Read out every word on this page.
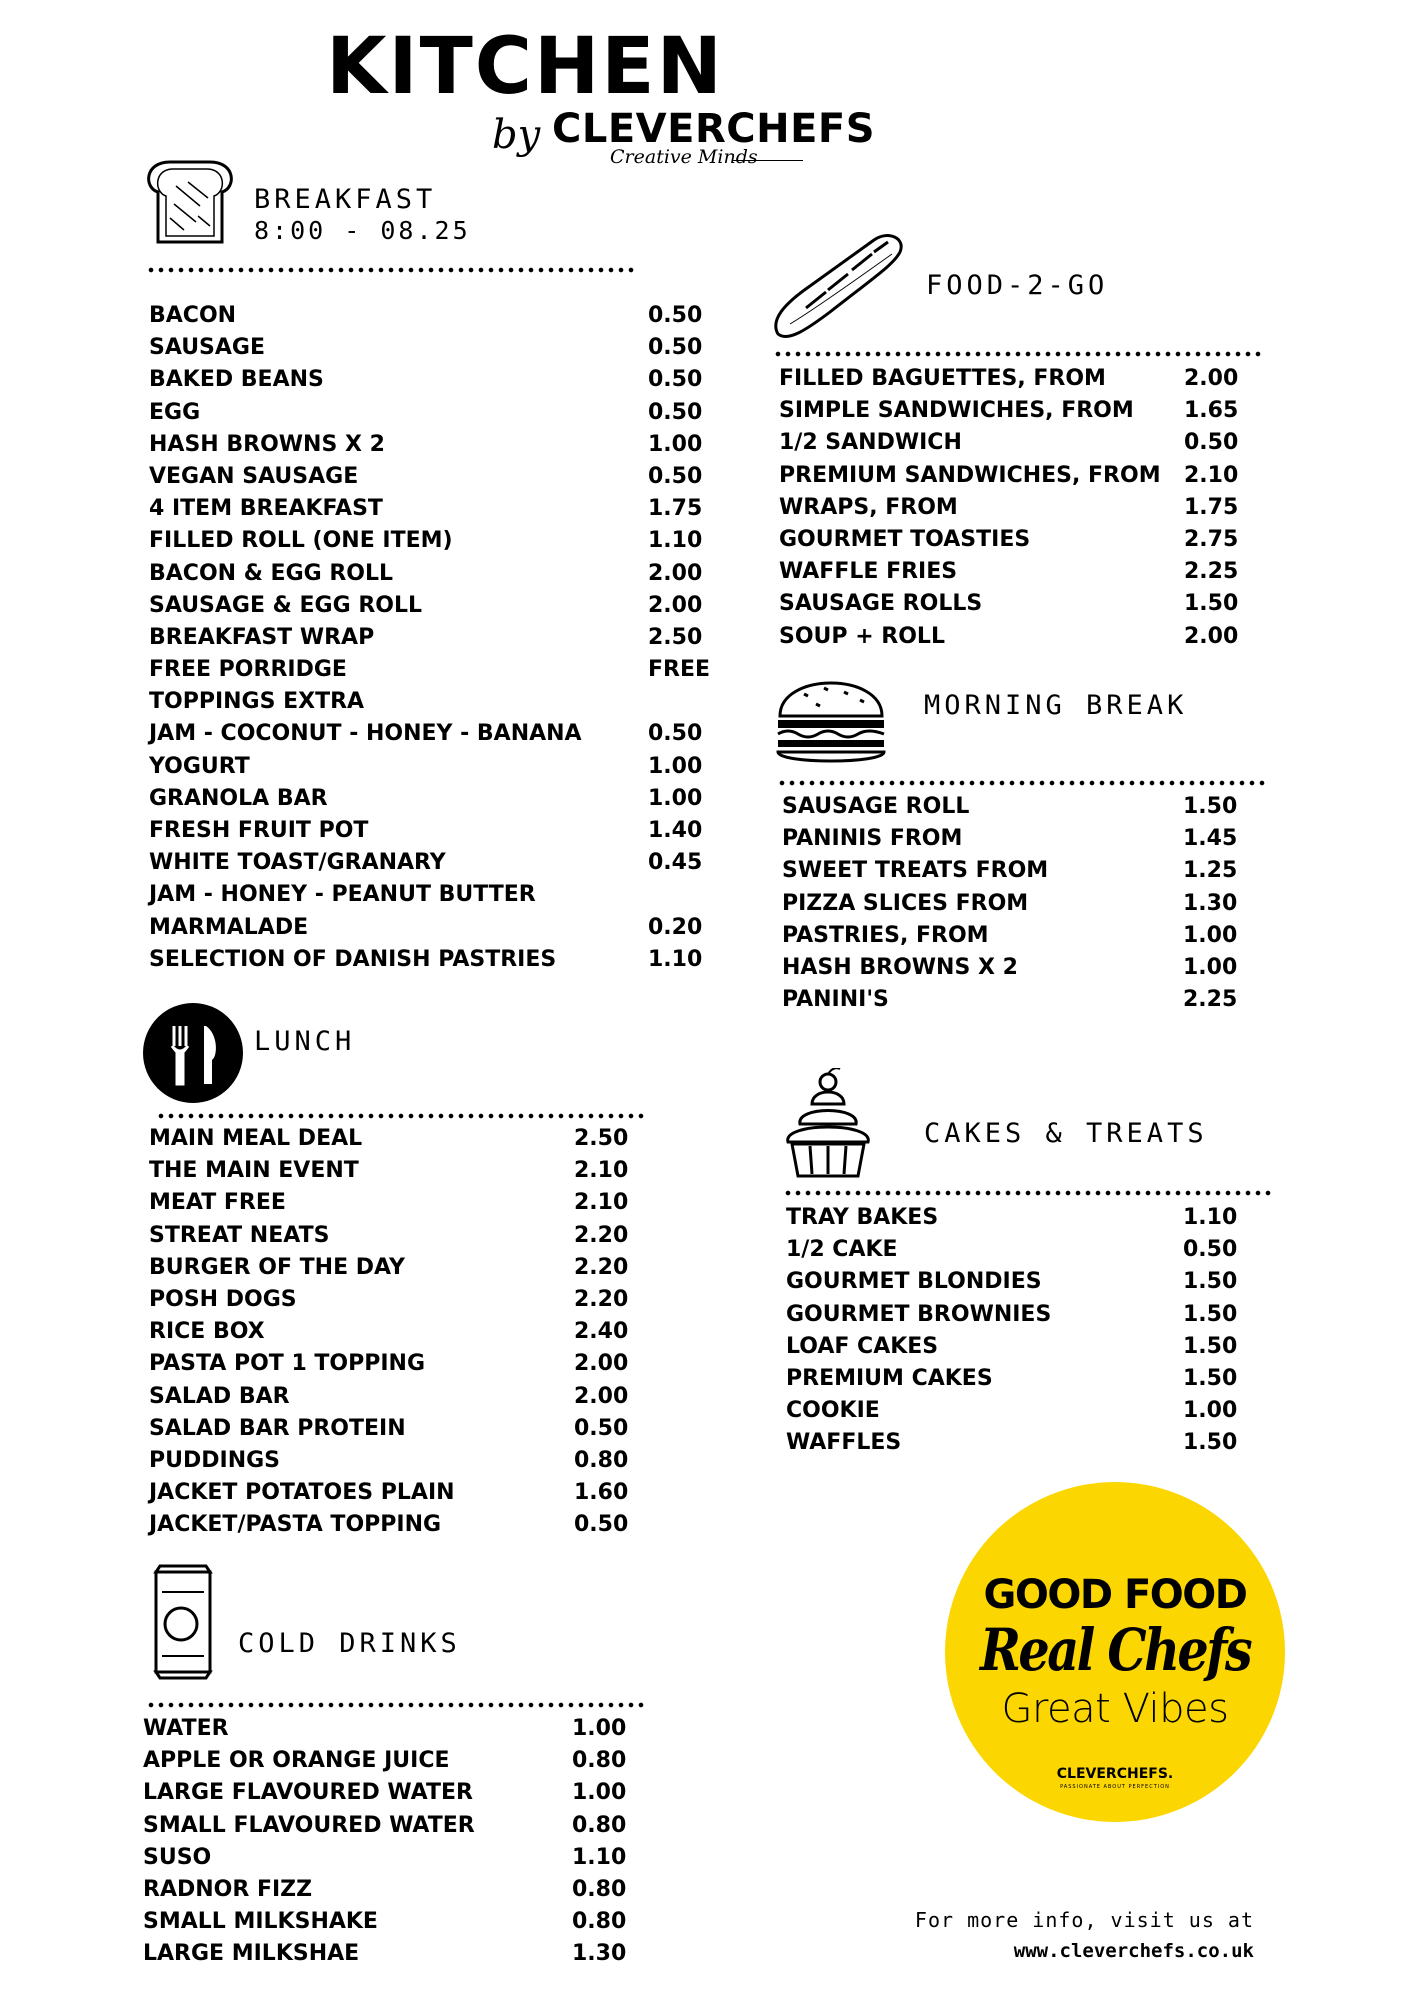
KITCHEN
by CLEVERCHEFS
Creative Minds
BREAKFAST
8:00 - 08.25
BACON	0.50
SAUSAGE	0.50
BAKED BEANS	0.50
EGG	0.50
HASH BROWNS X 2	1.00
VEGAN SAUSAGE	0.50
4 ITEM BREAKFAST	1.75
FILLED ROLL (ONE ITEM)	1.10
BACON & EGG ROLL	2.00
SAUSAGE & EGG ROLL	2.00
BREAKFAST WRAP	2.50
FREE PORRIDGE	FREE
TOPPINGS EXTRA
JAM - COCONUT - HONEY - BANANA	0.50
YOGURT	1.00
GRANOLA BAR	1.00
FRESH FRUIT POT	1.40
WHITE TOAST/GRANARY	0.45
JAM - HONEY - PEANUT BUTTER
MARMALADE	0.20
SELECTION OF DANISH PASTRIES	1.10
LUNCH
MAIN MEAL DEAL	2.50
THE MAIN EVENT	2.10
MEAT FREE	2.10
STREAT NEATS	2.20
BURGER OF THE DAY	2.20
POSH DOGS	2.20
RICE BOX	2.40
PASTA POT 1 TOPPING	2.00
SALAD BAR	2.00
SALAD BAR PROTEIN	0.50
PUDDINGS	0.80
JACKET POTATOES PLAIN	1.60
JACKET/PASTA TOPPING	0.50
COLD DRINKS
WATER	1.00
APPLE OR ORANGE JUICE	0.80
LARGE FLAVOURED WATER	1.00
SMALL FLAVOURED WATER	0.80
SUSO	1.10
RADNOR FIZZ	0.80
SMALL MILKSHAKE	0.80
LARGE MILKSHAE	1.30
FOOD-2-GO
FILLED BAGUETTES, FROM	2.00
SIMPLE SANDWICHES, FROM 1.65
1/2 SANDWICH	0.50
PREMIUM SANDWICHES, FROM 2.10
WRAPS, FROM	1.75
GOURMET TOASTIES	2.75
WAFFLE FRIES	2.25
SAUSAGE ROLLS	1.50
SOUP + ROLL	2.00
MORNING BREAK
SAUSAGE ROLL	1.50
PANINIS FROM	1.45
SWEET TREATS FROM	1.25
PIZZA SLICES FROM	1.30
PASTRIES, FROM	1.00
HASH BROWNS X 2	1.00
PANINI'S	2.25
CAKES & TREATS
TRAY BAKES	1.10
1/2 CAKE	0.50
GOURMET BLONDIES	1.50
GOURMET BROWNIES	1.50
LOAF CAKES	1.50
PREMIUM CAKES	1.50
COOKIE	1.00
WAFFLES	1.50
GOOD FOOD
Real Chefs
Great Vibes
CLEVERCHEFS.
PASSIONATE ABOUT PERFECTION
For more info, visit us at
www.cleverchefs.co.uk
